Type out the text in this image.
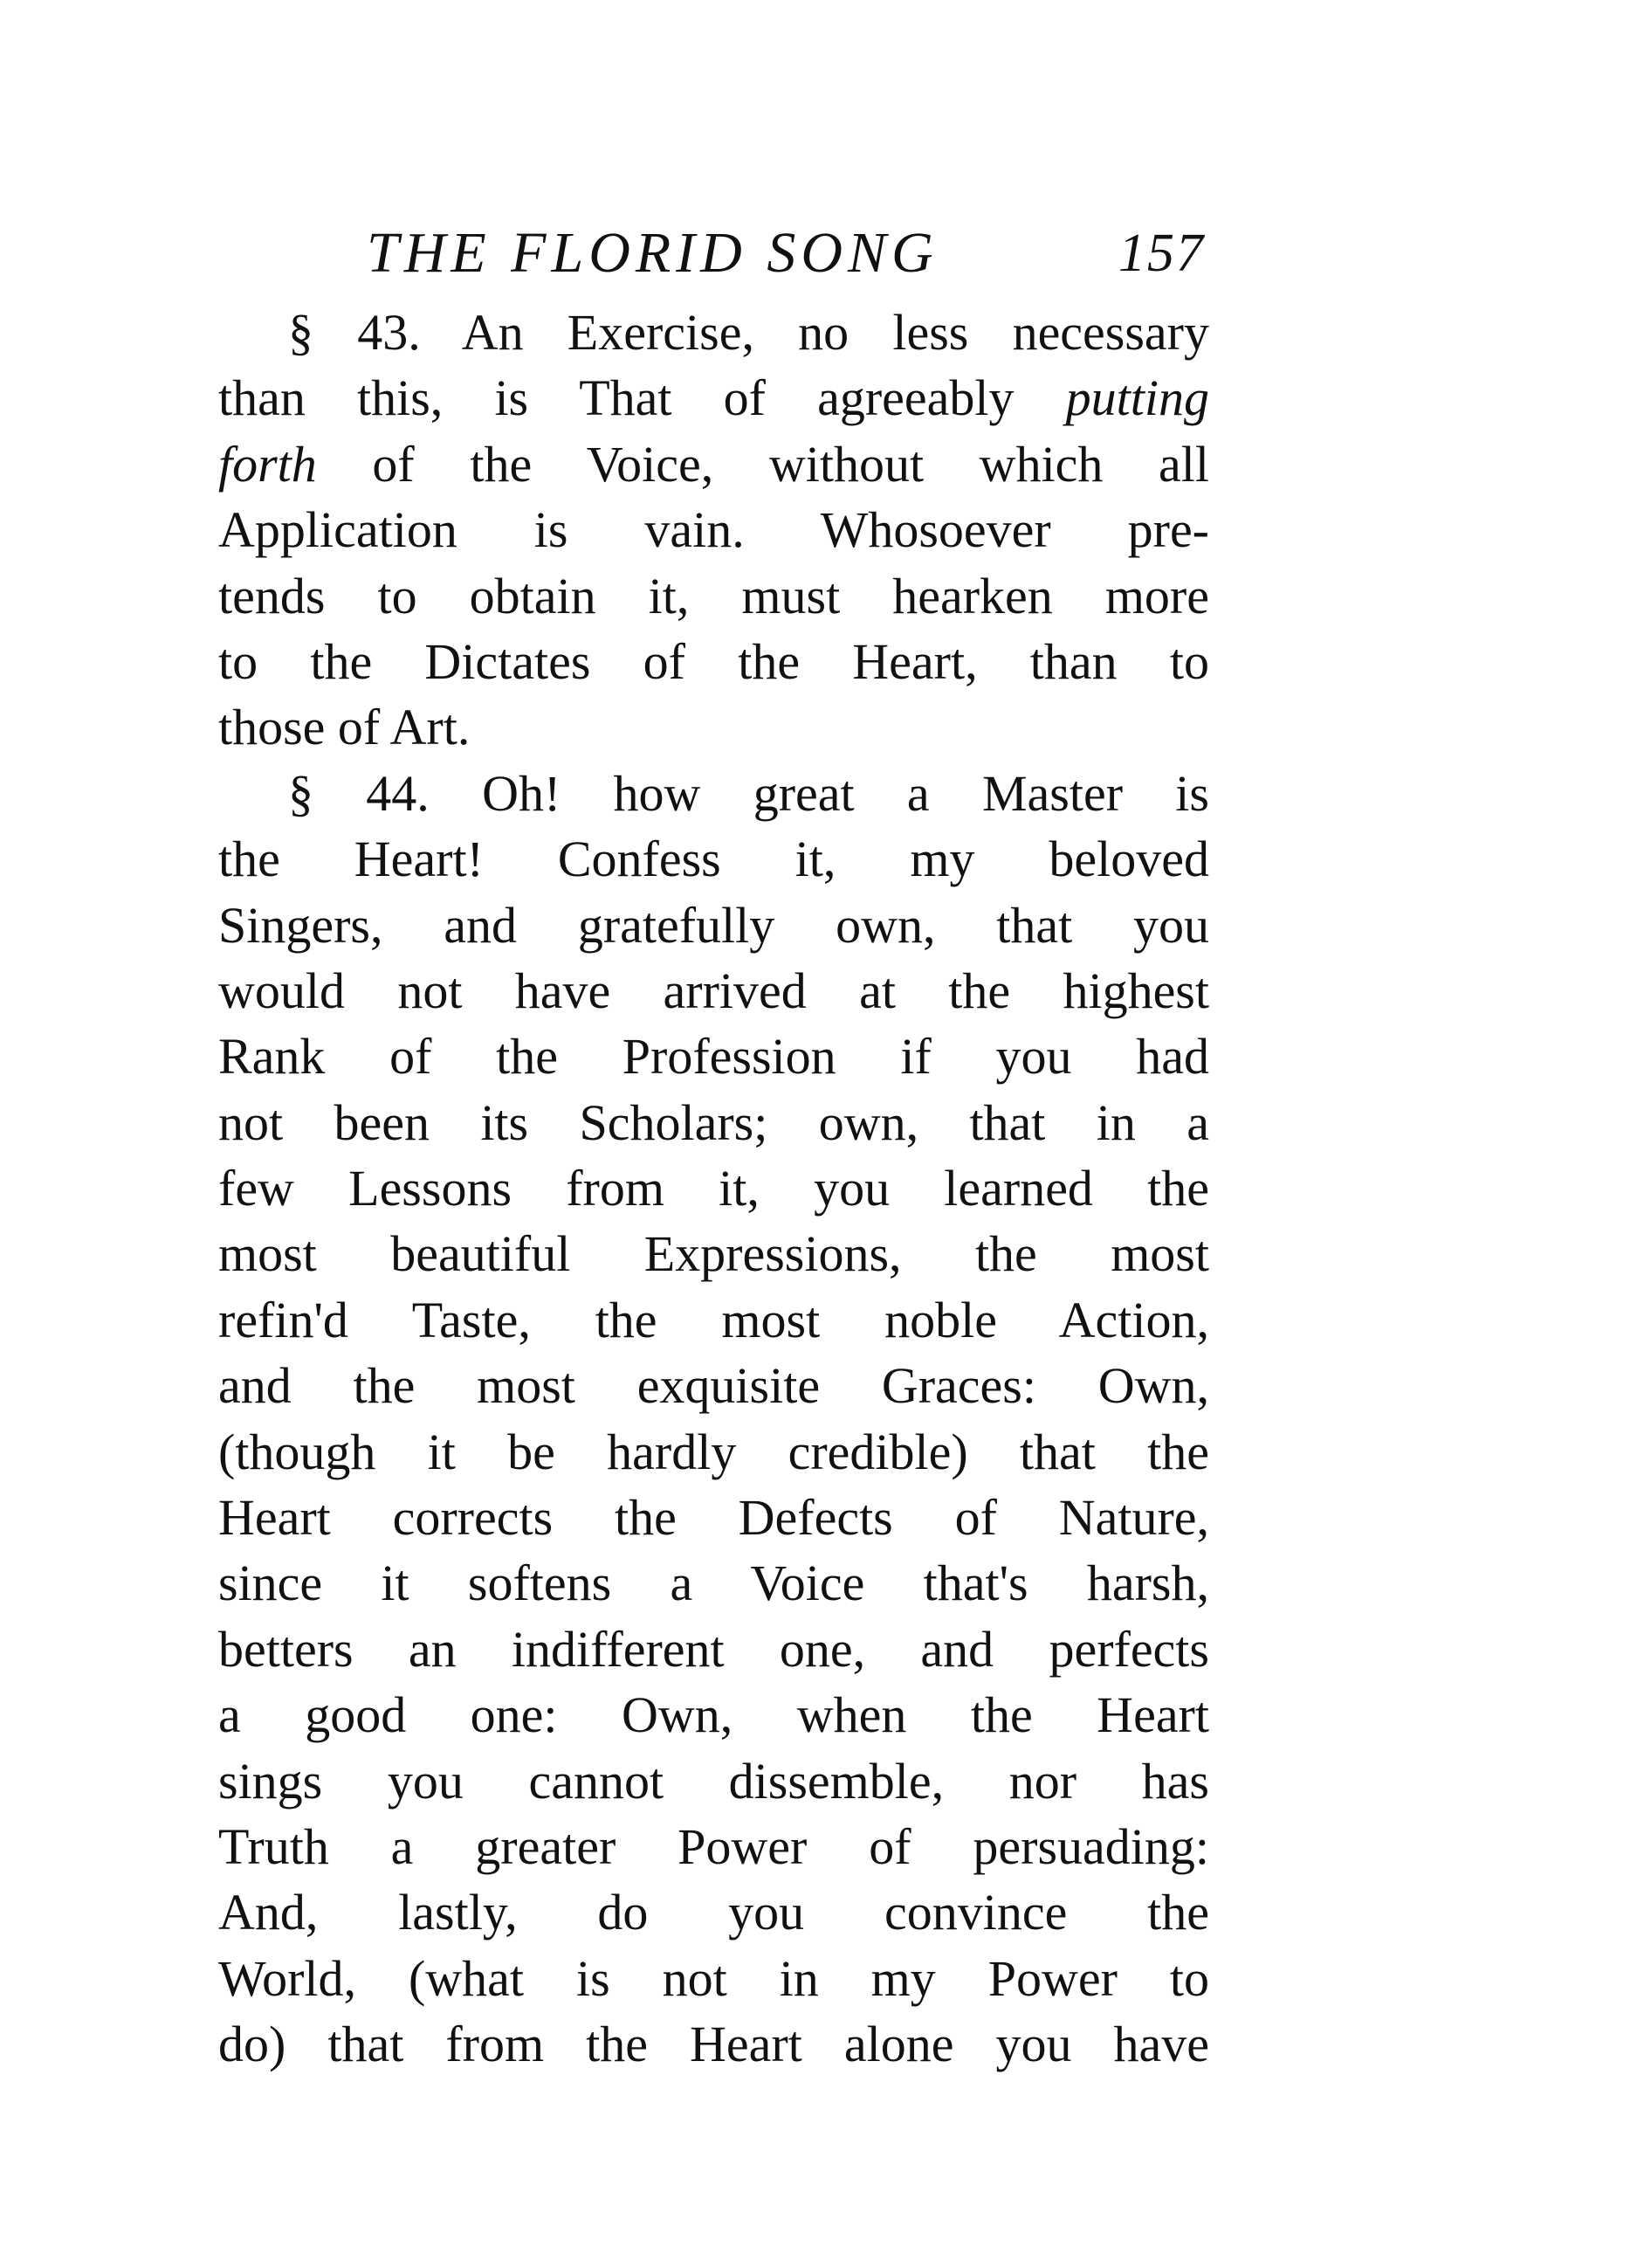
THE FLORID SONG	157
§ 43. An Exercise, no less necessary
than this, is That of agreeably putting
forth of the Voice, without which all
Application is vain. Whosoever pre-
tends to obtain it, must hearken more
to the Dictates of the Heart, than to
those of Art.
§ 44. Oh! how great a Master is
the Heart! Confess it, my beloved
Singers, and gratefully own, that you
would not have arrived at the highest
Rank of the Profession if you had
not been its Scholars; own, that in a
few Lessons from it, you learned the
most beautiful Expressions, the most
refin'd Taste, the most noble Action,
and the most exquisite Graces: Own,
(though it be hardly credible) that the
Heart corrects the Defects of Nature,
since it softens a Voice that's harsh,
betters an indifferent one, and perfects
a good one: Own, when the Heart
sings you cannot dissemble, nor has
Truth a greater Power of persuading:
And, lastly, do you convince the
World, (what is not in my Power to
do) that from the Heart alone you have
